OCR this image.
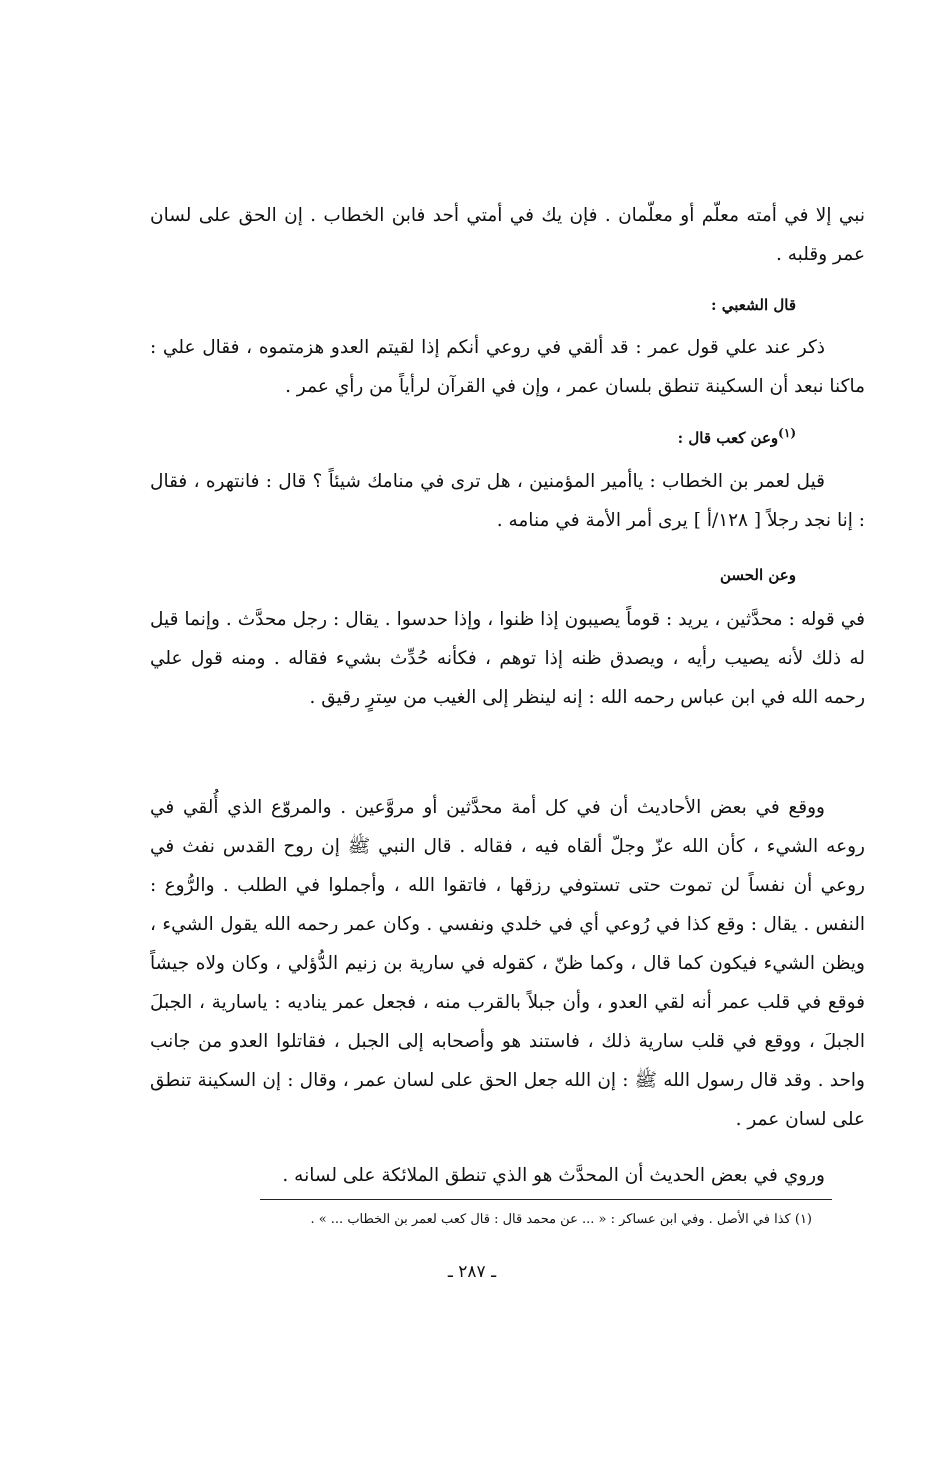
نبي إلا في أمته معلّم أو معلّمان . فإن يك في أمتي أحد فابن الخطاب . إن الحق على لسان عمر وقلبه .

قال الشعبي :

ذكر عند علي قول عمر : قد ألقي في روعي أنكم إذا لقيتم العدو هزمتموه ، فقال علي : ماكنا نبعد أن السكينة تنطق بلسان عمر ، وإن في القرآن لرأياً من رأي عمر .

$^{(١)}$وعن كعب قال :

قيل لعمر بن الخطاب : ياأمير المؤمنين ، هل ترى في منامك شيئاً ؟ قال : فانتهره ، فقال : إنا نجد رجلاً [ ١٢٨/أ ] يرى أمر الأمة في منامه .

وعن الحسن

في قوله : محدَّثين ، يريد : قوماً يصيبون إذا ظنوا ، وإذا حدسوا . يقال : رجل محدَّث . وإنما قيل له ذلك لأنه يصيب رأيه ، ويصدق ظنه إذا توهم ، فكأنه حُدِّث بشيء فقاله . ومنه قول علي رحمه الله في ابن عباس رحمه الله : إنه لينظر إلى الغيب من سِترٍ رقيق .

ووقع في بعض الأحاديث أن في كل أمة محدَّثين أو مروَّعين . والمروّع الذي أُلقي في روعه الشيء ، كأن الله عزّ وجلّ ألقاه فيه ، فقاله . قال النبي ﷺ إن روح القدس نفث في روعي أن نفساً لن تموت حتى تستوفي رزقها ، فاتقوا الله ، وأجملوا في الطلب . والرُّوع : النفس . يقال : وقع كذا في رُوعي أي في خلدي ونفسي . وكان عمر رحمه الله يقول الشيء ، ويظن الشيء فيكون كما قال ، وكما ظنّ ، كقوله في سارية بن زنيم الدُّؤلي ، وكان ولاه جيشاً فوقع في قلب عمر أنه لقي العدو ، وأن جبلاً بالقرب منه ، فجعل عمر يناديه : ياسارية ، الجبلَ الجبلَ ، ووقع في قلب سارية ذلك ، فاستند هو وأصحابه إلى الجبل ، فقاتلوا العدو من جانب واحد . وقد قال رسول الله ﷺ : إن الله جعل الحق على لسان عمر ، وقال : إن السكينة تنطق على لسان عمر .

وروي في بعض الحديث أن المحدَّث هو الذي تنطق الملائكة على لسانه .

(١) كذا في الأصل . وفي ابن عساكر : « ... عن محمد قال : قال كعب لعمر بن الخطاب ... » .

ـ ٢٨٧ ـ
